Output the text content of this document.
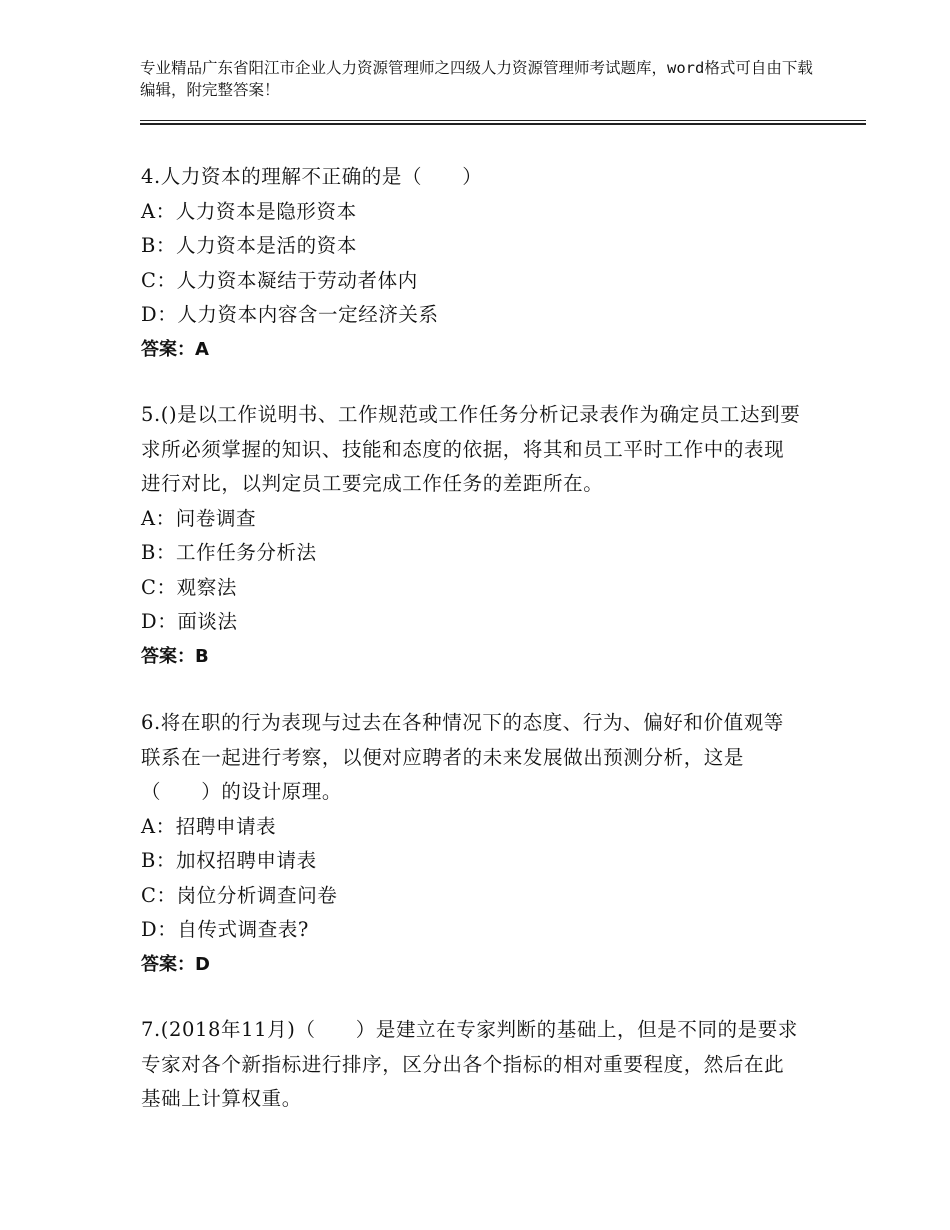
专业精品广东省阳江市企业人力资源管理师之四级人力资源管理师考试题库，word格式可自由下载编辑，附完整答案！

4.人力资本的理解不正确的是（　　）

A：人力资本是隐形资本

B：人力资本是活的资本

C：人力资本凝结于劳动者体内

D：人力资本内容含一定经济关系

答案：A

5.()是以工作说明书、工作规范或工作任务分析记录表作为确定员工达到要求所必须掌握的知识、技能和态度的依据，将其和员工平时工作中的表现进行对比，以判定员工要完成工作任务的差距所在。

A：问卷调查

B：工作任务分析法

C：观察法

D：面谈法

答案：B

6.将在职的行为表现与过去在各种情况下的态度、行为、偏好和价值观等联系在一起进行考察，以便对应聘者的未来发展做出预测分析，这是（　　）的设计原理。

A：招聘申请表

B：加权招聘申请表

C：岗位分析调查问卷

D：自传式调查表?

答案：D

7.(2018年11月)（　　）是建立在专家判断的基础上，但是不同的是要求专家对各个新指标进行排序，区分出各个指标的相对重要程度，然后在此基础上计算权重。
